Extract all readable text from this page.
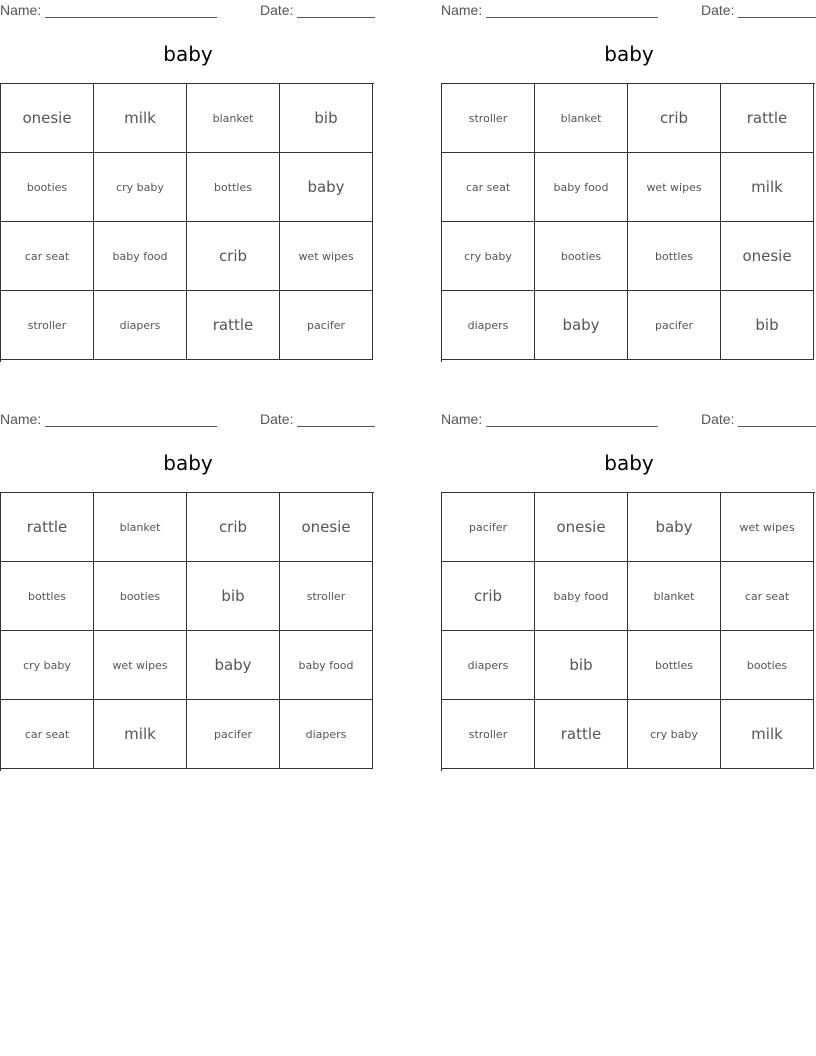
Name:	Date:
baby
onesie	milk	blanket	bib
booties	cry baby	bottles	baby
car seat	baby food	crib	wet wipes
stroller	diapers	rattle	pacifer
Name:	Date:
baby
stroller	blanket	crib	rattle
car seat	baby food	wet wipes	milk
cry baby	booties	bottles	onesie
diapers	baby	pacifer	bib
Name:	Date:
baby
rattle	blanket	crib	onesie
bottles	booties	bib	stroller
cry baby	wet wipes	baby	baby food
car seat	milk	pacifer	diapers
Name:	Date:
baby
pacifer	onesie	baby	wet wipes
crib	baby food	blanket	car seat
diapers	bib	bottles	booties
stroller	rattle	cry baby	milk
